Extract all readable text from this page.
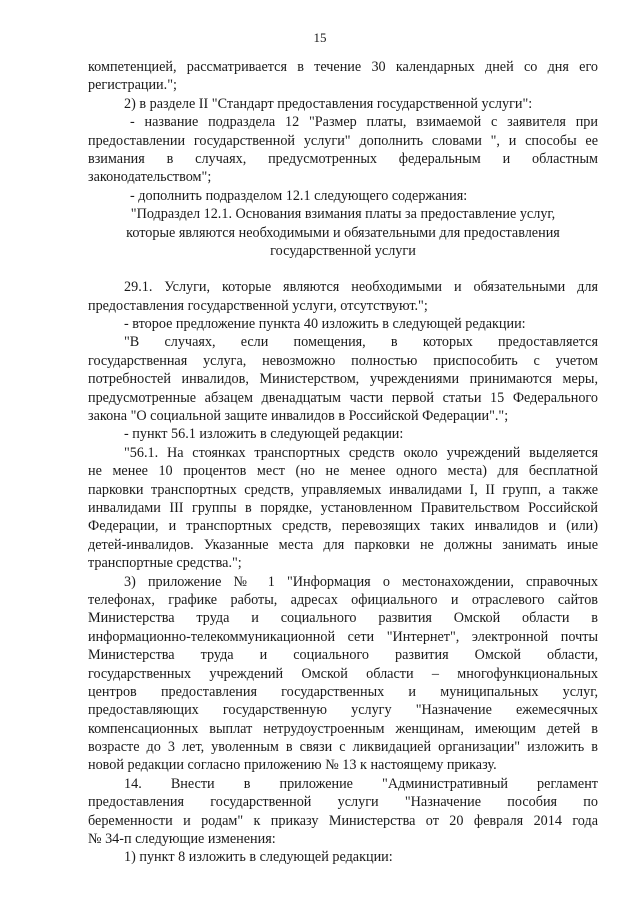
15
компетенцией, рассматривается в течение 30 календарных дней со дня его
регистрации.";
2) в разделе II "Стандарт предоставления государственной услуги":
- название подраздела 12 "Размер платы, взимаемой с заявителя при
предоставлении государственной услуги" дополнить словами ", и способы ее
взимания в случаях, предусмотренных федеральным и областным
законодательством";
- дополнить подразделом 12.1 следующего содержания:
"Подраздел 12.1. Основания взимания платы за предоставление услуг,
которые являются необходимыми и обязательными для предоставления
государственной услуги
29.1. Услуги, которые являются необходимыми и обязательными для
предоставления государственной услуги, отсутствуют.";
- второе предложение пункта 40 изложить в следующей редакции:
"В случаях, если помещения, в которых предоставляется
государственная услуга, невозможно полностью приспособить с учетом
потребностей инвалидов, Министерством, учреждениями принимаются меры,
предусмотренные абзацем двенадцатым части первой статьи 15 Федерального
закона "О социальной защите инвалидов в Российской Федерации".";
- пункт 56.1 изложить в следующей редакции:
"56.1. На стоянках транспортных средств около учреждений выделяется
не менее 10 процентов мест (но не менее одного места) для бесплатной
парковки транспортных средств, управляемых инвалидами I, II групп, а также
инвалидами III группы в порядке, установленном Правительством Российской
Федерации, и транспортных средств, перевозящих таких инвалидов и (или)
детей-инвалидов. Указанные места для парковки не должны занимать иные
транспортные средства.";
3) приложение № 1 "Информация о местонахождении, справочных
телефонах, графике работы, адресах официального и отраслевого сайтов
Министерства труда и социального развития Омской области в
информационно-телекоммуникационной сети "Интернет", электронной почты
Министерства труда и социального развития Омской области,
государственных учреждений Омской области – многофункциональных
центров предоставления государственных и муниципальных услуг,
предоставляющих государственную услугу "Назначение ежемесячных
компенсационных выплат нетрудоустроенным женщинам, имеющим детей в
возрасте до 3 лет, уволенным в связи с ликвидацией организации" изложить в
новой редакции согласно приложению № 13 к настоящему приказу.
14. Внести в приложение "Административный регламент
предоставления государственной услуги "Назначение пособия по
беременности и родам" к приказу Министерства от 20 февраля 2014 года
№ 34-п следующие изменения:
1) пункт 8 изложить в следующей редакции:
